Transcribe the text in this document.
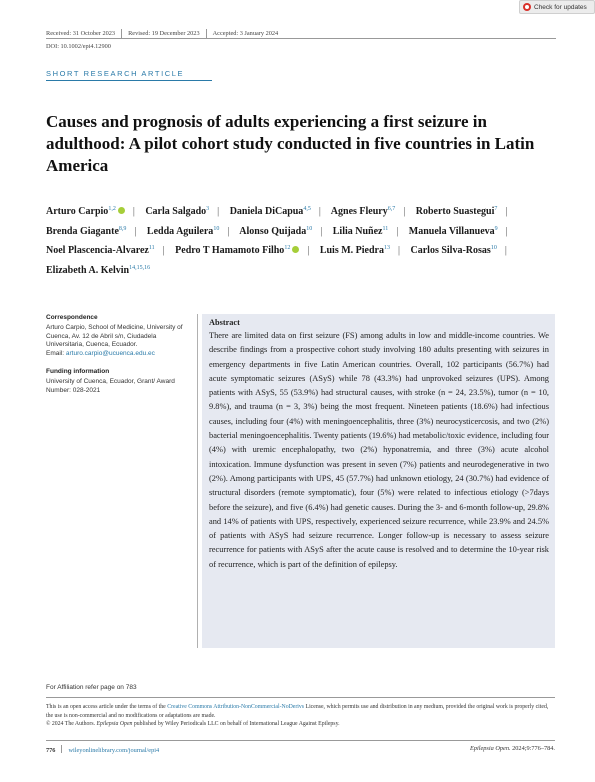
Check for updates
Received: 31 October 2023 Revised: 19 December 2023 Accepted: 3 January 2024
DOI: 10.1002/epi4.12900
SHORT RESEARCH ARTICLE
Causes and prognosis of adults experiencing a first seizure in adulthood: A pilot cohort study conducted in five countries in Latin America
Arturo Carpio$^{1,2}$ | Carla Salgado$^3$ | Daniela DiCapua$^{4,5}$ | Agnes Fleury$^{6,7}$ | Roberto Suastegui$^7$ | Brenda Giagante$^{8,9}$ | Ledda Aguilera$^{10}$ | Alonso Quijada$^{10}$ | Lilia Nuñez$^{11}$ | Manuela Villanueva$^9$ | Noel Plascencia-Alvarez$^{11}$ | Pedro T Hamamoto Filho$^{12}$ | Luis M. Piedra$^{13}$ | Carlos Silva-Rosas$^{10}$ | Elizabeth A. Kelvin$^{14,15,16}$
Correspondence
Arturo Carpio, School of Medicine, University of Cuenca, Av. 12 de Abril s/n, Ciudadela Universitaria, Cuenca, Ecuador.
Email: arturo.carpio@ucuenca.edu.ec
Funding information
University of Cuenca, Ecuador, Grant/ Award Number: 028-2021
Abstract
There are limited data on first seizure (FS) among adults in low and middle-income countries. We describe findings from a prospective cohort study involving 180 adults presenting with seizures in emergency departments in five Latin American countries. Overall, 102 participants (56.7%) had acute symptomatic seizures (ASyS) while 78 (43.3%) had unprovoked seizures (UPS). Among patients with ASyS, 55 (53.9%) had structural causes, with stroke (n = 24, 23.5%), tumor (n = 10, 9.8%), and trauma (n = 3, 3%) being the most frequent. Nineteen patients (18.6%) had infectious causes, including four (4%) with meningoencephalitis, three (3%) neurocysticercosis, and two (2%) bacterial meningoencephalitis. Twenty patients (19.6%) had metabolic/toxic evidence, including four (4%) with uremic encephalopathy, two (2%) hyponatremia, and three (3%) acute alcohol intoxication. Immune dysfunction was present in seven (7%) patients and neurodegenerative in two (2%). Among participants with UPS, 45 (57.7%) had unknown etiology, 24 (30.7%) had evidence of structural disorders (remote symptomatic), four (5%) were related to infectious etiology (>7days before the seizure), and five (6.4%) had genetic causes. During the 3- and 6-month follow-up, 29.8% and 14% of patients with UPS, respectively, experienced seizure recurrence, while 23.9% and 24.5% of patients with ASyS had seizure recurrence. Longer follow-up is necessary to assess seizure recurrence for patients with ASyS after the acute cause is resolved and to determine the 10-year risk of recurrence, which is part of the definition of epilepsy.
For Affiliation refer page on 783
This is an open access article under the terms of the Creative Commons Attribution-NonCommercial-NoDerivs License, which permits use and distribution in any medium, provided the original work is properly cited, the use is non-commercial and no modifications or adaptations are made.
© 2024 The Authors. Epilepsia Open published by Wiley Periodicals LLC on behalf of International League Against Epilepsy.
776 wileyonlinelibrary.com/journal/epi4	Epilepsia Open. 2024;9:776–784.
